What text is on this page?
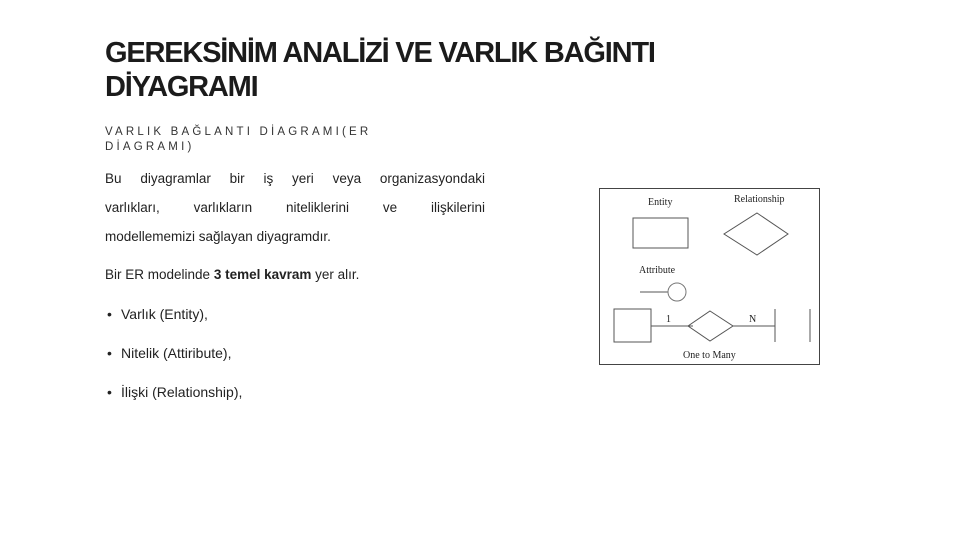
GEREKSİNİM ANALİZİ VE VARLIK BAĞINTI DİYAGRAMI
VARLIK BAĞLANTI DİAGRAMI(ER DİAGRAMI)
Bu diyagramlar bir iş yeri veya organizasyondaki
varlıkları,	varlıkların	niteliklerini	ve	ilişkilerini
modellememizi sağlayan diyagramdır.
Bir ER modelinde 3 temel kavram yer alır.
• Varlık (Entity),
• Nitelik (Attiribute),
• İlişki (Relationship),
Entity	Relationship
Attribute
1	N
One to Many
